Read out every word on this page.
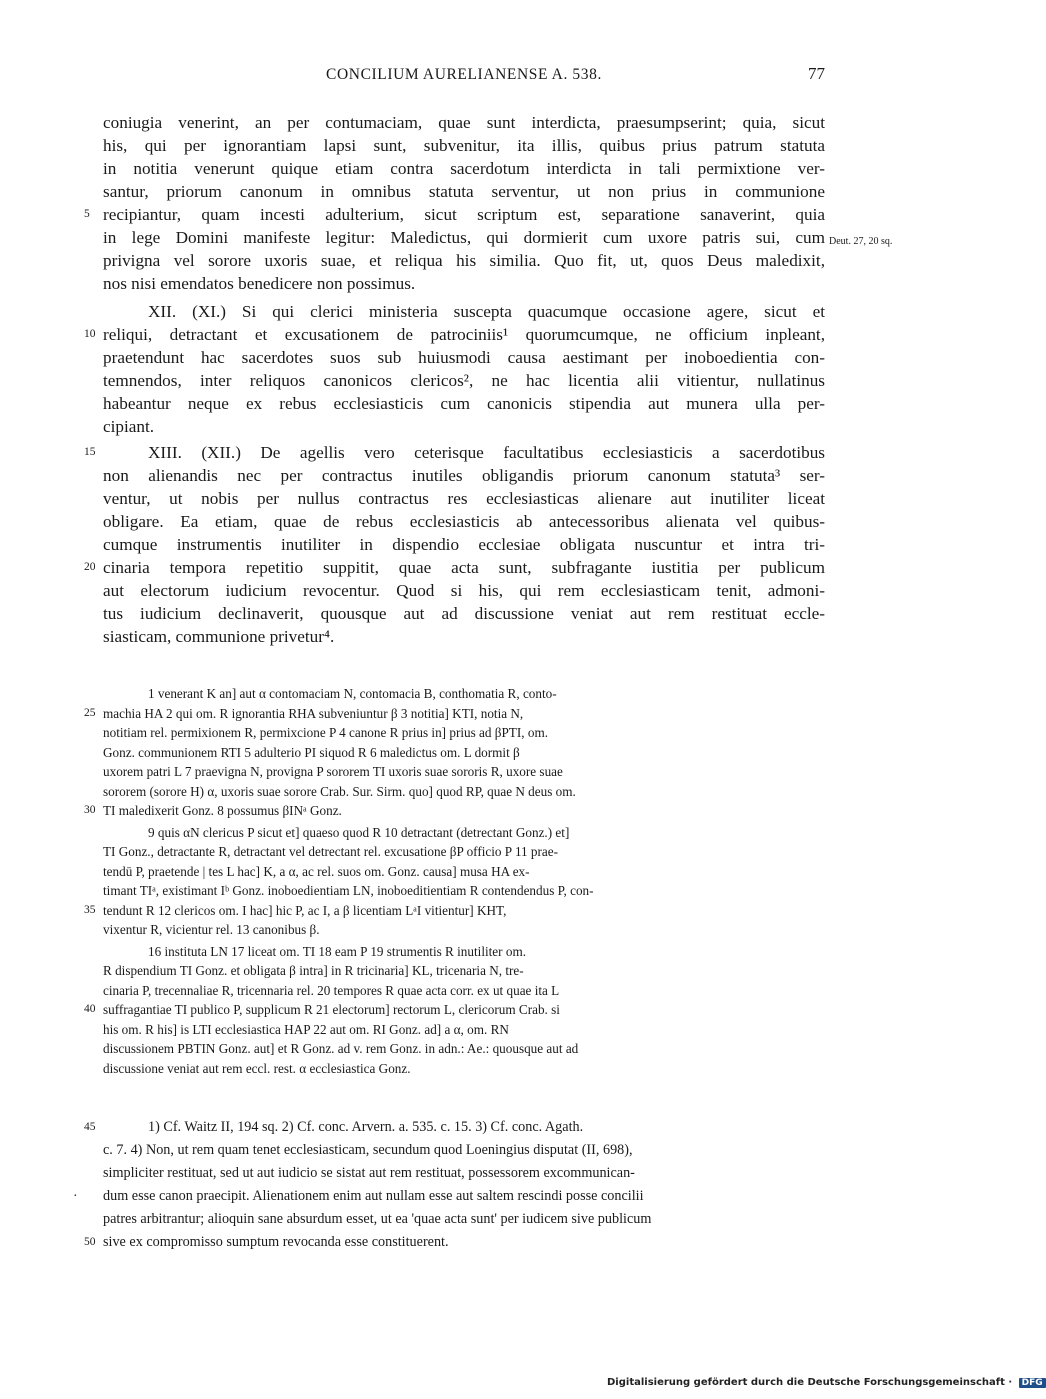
CONCILIUM AURELIANENSE A. 538.	77
coniugia venerint, an per contumaciam, quae sunt interdicta, praesumpserint; quia, sicut
his, qui per ignorantiam lapsi sunt, subvenitur, ita illis, quibus prius patrum statuta
in notitia venerunt quique etiam contra sacerdotum interdicta in tali permixtione ver-
santur, priorum canonum in omnibus statuta serventur, ut non prius in communione
recipiantur, quam incesti adulterium, sicut scriptum est, separatione sanaverint, quia
in lege Domini manifeste legitur: Maledictus, qui dormierit cum uxore patris sui, cum
privigna vel sorore uxoris suae, et reliqua his similia. Quo fit, ut, quos Deus maledixit,
nos nisi emendatos benedicere non possimus.
XII. (XI.) Si qui clerici ministeria suscepta quacumque occasione agere, sicut et
reliqui, detractant et excusationem de patrociniis¹ quorumcumque, ne officium inpleant,
praetendunt hac sacerdotes suos sub huiusmodi causa aestimant per inoboedientia con-
temnendos, inter reliquos canonicos clericos², ne hac licentia alii vitientur, nullatinus
habeantur neque ex rebus ecclesiasticis cum canonicis stipendia aut munera ulla per-
cipiant.
XIII. (XII.) De agellis vero ceterisque facultatibus ecclesiasticis a sacerdotibus
non alienandis nec per contractus inutiles obligandis priorum canonum statuta³ ser-
ventur, ut nobis per nullus contractus res ecclesiasticas alienare aut inutiliter liceat
obligare. Ea etiam, quae de rebus ecclesiasticis ab antecessoribus alienata vel quibus-
cumque instrumentis inutiliter in dispendio ecclesiae obligata nuscuntur et intra tri-
cinaria tempora repetitio suppitit, quae acta sunt, subfragante iustitia per publicum
aut electorum iudicium revocentur. Quod si his, qui rem ecclesiasticam tenit, admoni-
tus iudicium declinaverit, quousque aut ad discussione veniat aut rem restituat eccle-
siasticam, communione privetur⁴.
5
10
15
20
Deut. 27, 20 sq.
1 venerant K an] aut α contomaciam N, contomacia B, conthomatia R, conto-
machia HA 2 qui om. R ignorantia RHA subveniuntur β 3 notitia] KTI, notia N,
notitiam rel. permixionem R, permixcione P 4 canone R prius in] prius ad βPTI, om.
Gonz. communionem RTI 5 adulterio PI siquod R 6 maledictus om. L dormit β
uxorem patri L 7 praevigna N, provigna P sororem TI uxoris suae sororis R, uxore suae
sororem (sorore H) α, uxoris suae sorore Crab. Sur. Sirm. quo] quod RP, quae N deus om.
TI maledixerit Gonz. 8 possumus βINᵃ Gonz.
9 quis αN clericus P sicut et] quaeso quod R 10 detractant (detrectant Gonz.) et]
TI Gonz., detractante R, detractant vel detrectant rel. excusatione βP officio P 11 prae-
tendū P, praetende | tes L hac] K, a α, ac rel. suos om. Gonz. causa] musa HA ex-
timant TIᵃ, existimant Iᵇ Gonz. inoboedientiam LN, inoboeditientiam R contendendus P, con-
tendunt R 12 clericos om. I hac] hic P, ac I, a β licentiam LᵃI vitientur] KHT,
vixentur R, vicientur rel. 13 canonibus β.
16 instituta LN 17 liceat om. TI 18 eam P 19 strumentis R inutiliter om.
R dispendium TI Gonz. et obligata β intra] in R tricinaria] KL, tricenaria N, tre-
cinaria P, trecennaliae R, tricennaria rel. 20 tempores R quae acta corr. ex ut quae ita L
suffragantiae TI publico P, supplicum R 21 electorum] rectorum L, clericorum Crab. si
his om. R his] is LTI ecclesiastica HAP 22 aut om. RI Gonz. ad] a α, om. RN
discussionem PBTIN Gonz. aut] et R Gonz. ad v. rem Gonz. in adn.: Ae.: quousque aut ad
discussione veniat aut rem eccl. rest. α ecclesiastica Gonz.
25
30
35
40
1) Cf. Waitz II, 194 sq. 2) Cf. conc. Arvern. a. 535. c. 15. 3) Cf. conc. Agath.
c. 7. 4) Non, ut rem quam tenet ecclesiasticam, secundum quod Loeningius disputat (II, 698),
simpliciter restituat, sed ut aut iudicio se sistat aut rem restituat, possessorem excommunican-
dum esse canon praecipit. Alienationem enim aut nullam esse aut saltem rescindi posse concilii
patres arbitrantur; alioquin sane absurdum esset, ut ea 'quae acta sunt' per iudicem sive publicum
sive ex compromisso sumptum revocanda esse constituerent.
45
50
·
Digitalisierung gefördert durch die Deutsche Forschungsgemeinschaft · DFG
